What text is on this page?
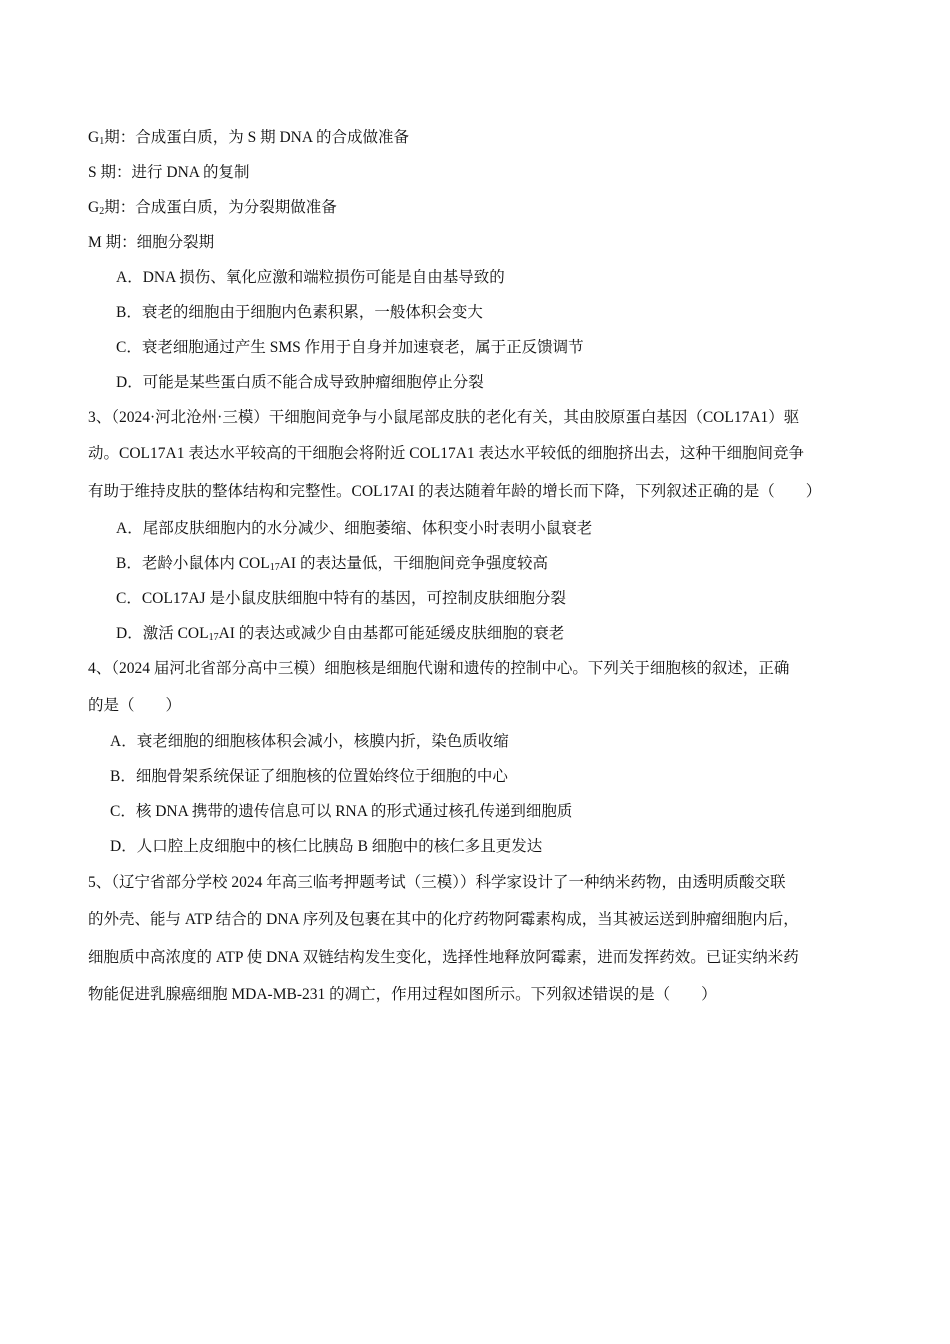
$G_1$期：合成蛋白质，为 S 期 DNA 的合成做准备
S 期：进行 DNA 的复制
$G_2$期：合成蛋白质，为分裂期做准备
M 期：细胞分裂期
A．DNA 损伤、氧化应激和端粒损伤可能是自由基导致的
B．衰老的细胞由于细胞内色素积累，一般体积会变大
C．衰老细胞通过产生 SMS 作用于自身并加速衰老，属于正反馈调节
D．可能是某些蛋白质不能合成导致肿瘤细胞停止分裂
3、（2024·河北沧州·三模）干细胞间竞争与小鼠尾部皮肤的老化有关，其由胶原蛋白基因（COL17A1）驱
动。COL17A1 表达水平较高的干细胞会将附近 COL17A1 表达水平较低的细胞挤出去，这种干细胞间竞争
有助于维持皮肤的整体结构和完整性。COL17AI 的表达随着年龄的增长而下降，下列叙述正确的是（　　）
A．尾部皮肤细胞内的水分减少、细胞萎缩、体积变小时表明小鼠衰老
B．老龄小鼠体内 $COL_{17}AI$ 的表达量低，干细胞间竞争强度较高
C．COL17AJ 是小鼠皮肤细胞中特有的基因，可控制皮肤细胞分裂
D．激活 $COL_{17}AI$ 的表达或减少自由基都可能延缓皮肤细胞的衰老
4、（2024 届河北省部分高中三模）细胞核是细胞代谢和遗传的控制中心。下列关于细胞核的叙述，正确
的是（　　）
A．衰老细胞的细胞核体积会减小，核膜内折，染色质收缩
B．细胞骨架系统保证了细胞核的位置始终位于细胞的中心
C．核 DNA 携带的遗传信息可以 RNA 的形式通过核孔传递到细胞质
D．人口腔上皮细胞中的核仁比胰岛 B 细胞中的核仁多且更发达
5、（辽宁省部分学校 2024 年高三临考押题考试（三模））科学家设计了一种纳米药物，由透明质酸交联
的外壳、能与 ATP 结合的 DNA 序列及包裹在其中的化疗药物阿霉素构成，当其被运送到肿瘤细胞内后，
细胞质中高浓度的 ATP 使 DNA 双链结构发生变化，选择性地释放阿霉素，进而发挥药效。已证实纳米药
物能促进乳腺癌细胞 MDA-MB-231 的凋亡，作用过程如图所示。下列叙述错误的是（　　）
